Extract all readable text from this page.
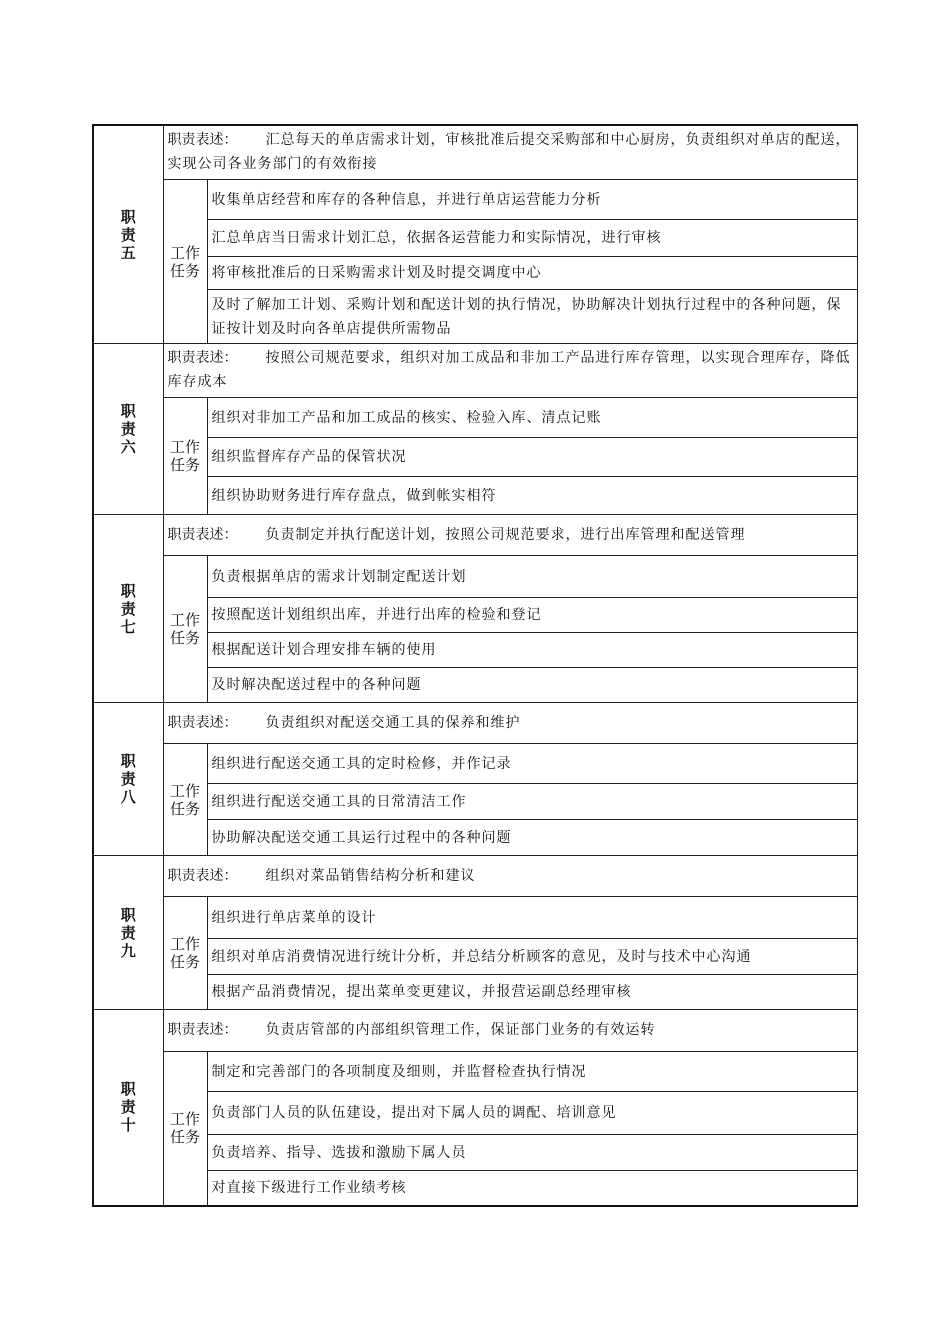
职
责
五	职责表述： 汇总每天的单店需求计划，审核批准后提交采购部和中心厨房，负责组织对单店的配送，实现公司各业务部门的有效衔接	

	工作
任务	收集单店经营和库存的各种信息，并进行单店运营能力分析
		汇总单店当日需求计划汇总，依据各运营能力和实际情况，进行审核
		将审核批准后的日采购需求计划及时提交调度中心
		及时了解加工计划、采购计划和配送计划的执行情况，协助解决计划执行过程中的各种问题，保证按计划及时向各单店提供所需物品

职
责
六	职责表述： 按照公司规范要求，组织对加工成品和非加工产品进行库存管理，以实现合理库存，降低库存成本	

	工作
任务	组织对非加工产品和加工成品的核实、检验入库、清点记账
		组织监督库存产品的保管状况
		组织协助财务进行库存盘点，做到帐实相符

职
责
七	职责表述： 负责制定并执行配送计划，按照公司规范要求，进行出库管理和配送管理	

	工作
任务	负责根据单店的需求计划制定配送计划
		按照配送计划组织出库，并进行出库的检验和登记
		根据配送计划合理安排车辆的使用
		及时解决配送过程中的各种问题

职
责
八	职责表述： 负责组织对配送交通工具的保养和维护	

	工作
任务	组织进行配送交通工具的定时检修，并作记录
		组织进行配送交通工具的日常清洁工作
		协助解决配送交通工具运行过程中的各种问题

职
责
九	职责表述： 组织对菜品销售结构分析和建议	

	工作
任务	组织进行单店菜单的设计
		组织对单店消费情况进行统计分析，并总结分析顾客的意见，及时与技术中心沟通
		根据产品消费情况，提出菜单变更建议，并报营运副总经理审核

职
责
十	职责表述： 负责店管部的内部组织管理工作，保证部门业务的有效运转	

	工作
任务	制定和完善部门的各项制度及细则，并监督检查执行情况
		负责部门人员的队伍建设，提出对下属人员的调配、培训意见
		负责培养、指导、选拔和激励下属人员
		对直接下级进行工作业绩考核
